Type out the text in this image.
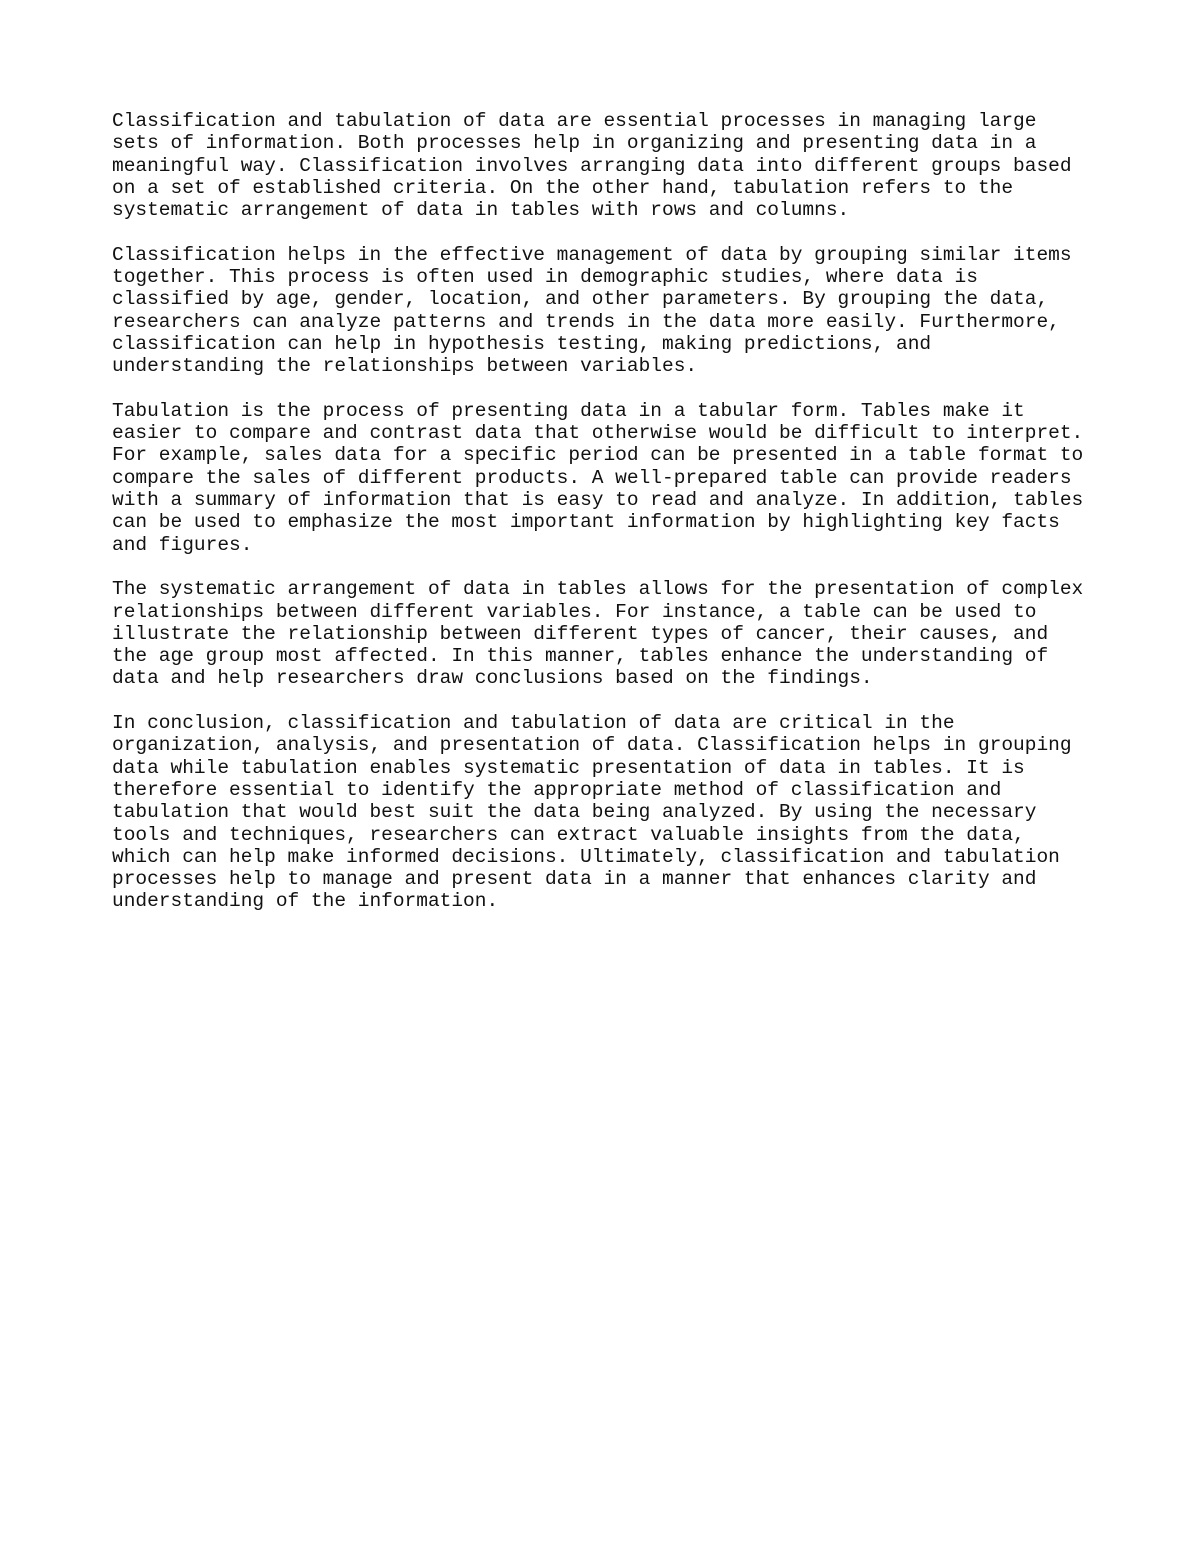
Classification and tabulation of data are essential processes in managing large
sets of information. Both processes help in organizing and presenting data in a
meaningful way. Classification involves arranging data into different groups based
on a set of established criteria. On the other hand, tabulation refers to the
systematic arrangement of data in tables with rows and columns.

Classification helps in the effective management of data by grouping similar items
together. This process is often used in demographic studies, where data is
classified by age, gender, location, and other parameters. By grouping the data,
researchers can analyze patterns and trends in the data more easily. Furthermore,
classification can help in hypothesis testing, making predictions, and
understanding the relationships between variables.

Tabulation is the process of presenting data in a tabular form. Tables make it
easier to compare and contrast data that otherwise would be difficult to interpret.
For example, sales data for a specific period can be presented in a table format to
compare the sales of different products. A well-prepared table can provide readers
with a summary of information that is easy to read and analyze. In addition, tables
can be used to emphasize the most important information by highlighting key facts
and figures.

The systematic arrangement of data in tables allows for the presentation of complex
relationships between different variables. For instance, a table can be used to
illustrate the relationship between different types of cancer, their causes, and
the age group most affected. In this manner, tables enhance the understanding of
data and help researchers draw conclusions based on the findings.

In conclusion, classification and tabulation of data are critical in the
organization, analysis, and presentation of data. Classification helps in grouping
data while tabulation enables systematic presentation of data in tables. It is
therefore essential to identify the appropriate method of classification and
tabulation that would best suit the data being analyzed. By using the necessary
tools and techniques, researchers can extract valuable insights from the data,
which can help make informed decisions. Ultimately, classification and tabulation
processes help to manage and present data in a manner that enhances clarity and
understanding of the information.
